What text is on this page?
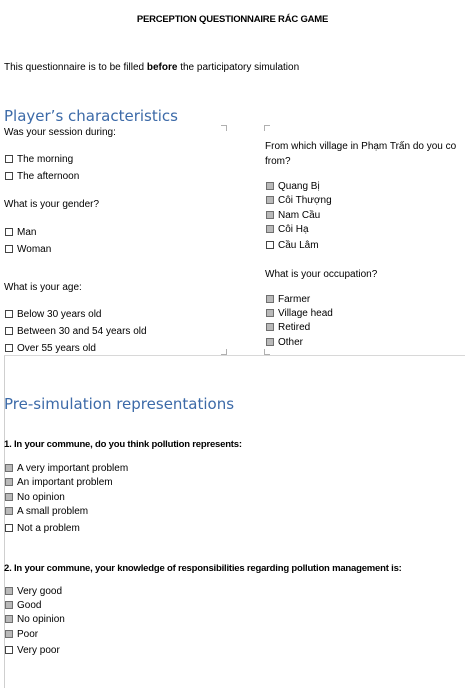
PERCEPTION QUESTIONNAIRE RÁC GAME
This questionnaire is to be filled before the participatory simulation
Player’s characteristics
Was your session during:
The morning
The afternoon
What is your gender?
Man
Woman
What is your age:
Below 30 years old
Between 30 and 54 years old
Over 55 years old
From which village in Phạm Trấn do you co
from?
Quang Bị
Côi Thượng
Nam Cầu
Côi Hạ
Cầu Lâm
What is your occupation?
Farmer
Village head
Retired
Other
Pre-simulation representations
1. In your commune, do you think pollution represents:
A very important problem
An important problem
No opinion
A small problem
Not a problem
2. In your commune, your knowledge of responsibilities regarding pollution management is:
Very good
Good
No opinion
Poor
Very poor
